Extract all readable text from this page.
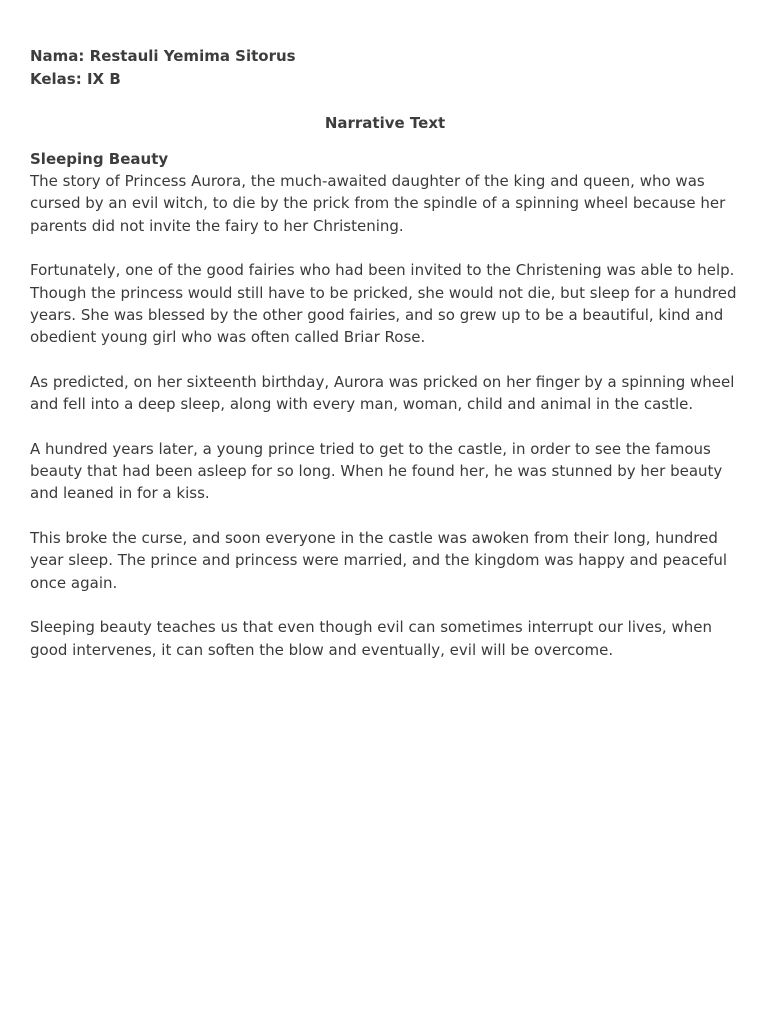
Nama: Restauli Yemima Sitorus

Kelas: IX B

Narrative Text

Sleeping Beauty

The story of Princess Aurora, the much-awaited daughter of the king and queen, who was cursed by an evil witch, to die by the prick from the spindle of a spinning wheel because her parents did not invite the fairy to her Christening.

Fortunately, one of the good fairies who had been invited to the Christening was able to help. Though the princess would still have to be pricked, she would not die, but sleep for a hundred years. She was blessed by the other good fairies, and so grew up to be a beautiful, kind and obedient young girl who was often called Briar Rose.

As predicted, on her sixteenth birthday, Aurora was pricked on her finger by a spinning wheel and fell into a deep sleep, along with every man, woman, child and animal in the castle.

A hundred years later, a young prince tried to get to the castle, in order to see the famous beauty that had been asleep for so long. When he found her, he was stunned by her beauty and leaned in for a kiss.

This broke the curse, and soon everyone in the castle was awoken from their long, hundred year sleep. The prince and princess were married, and the kingdom was happy and peaceful once again.

Sleeping beauty teaches us that even though evil can sometimes interrupt our lives, when good intervenes, it can soften the blow and eventually, evil will be overcome.
